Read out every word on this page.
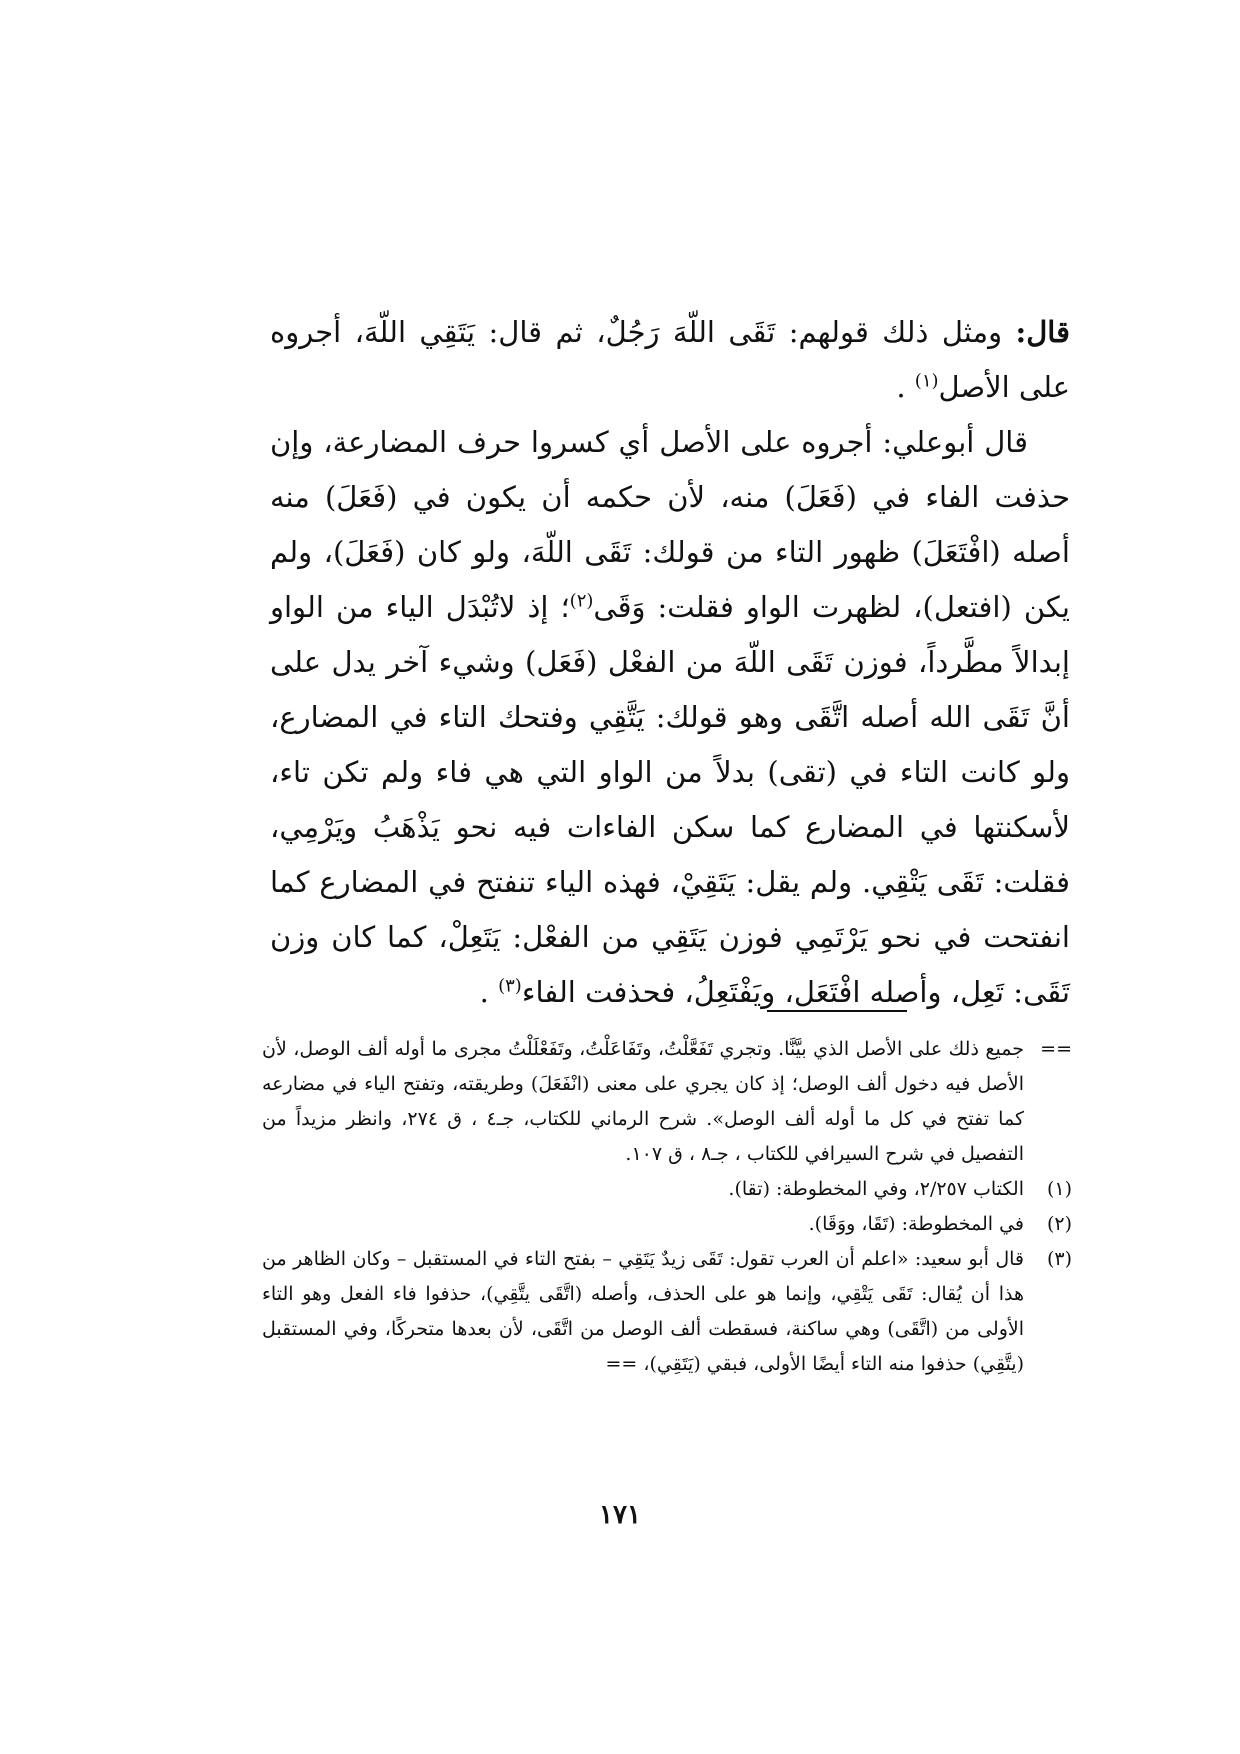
قال: ومثل ذلك قولهم: تَقَى اللّهَ رَجُلٌ، ثم قال: يَتَقِي اللّهَ، أجروه على الأصل$^{(١)}$ .

قال أبوعلي: أجروه على الأصل أي كسروا حرف المضارعة، وإن حذفت الفاء في (فَعَلَ) منه، لأن حكمه أن يكون في (فَعَلَ) منه أصله (افْتَعَلَ) ظهور التاء من قولك: تَقَى اللّهَ، ولو كان (فَعَلَ)، ولم يكن (افتعل)، لظهرت الواو فقلت: وَقَى$^{(٢)}$؛ إذ لاتُبْدَل الياء من الواو إبدالاً مطَّرداً، فوزن تَقَى اللّهَ من الفعْل (فَعَل) وشيء آخر يدل على أنَّ تَقَى الله أصله اتَّقَى وهو قولك: يَتَّقِي وفتحك التاء في المضارع، ولو كانت التاء في (تقى) بدلاً من الواو التي هي فاء ولم تكن تاء، لأسكنتها في المضارع كما سكن الفاءات فيه نحو يَذْهَبُ ويَرْمِي، فقلت: تَقَى يَتْقِي. ولم يقل: يَتَقِيْ، فهذه الياء تنفتح في المضارع كما انفتحت في نحو يَرْتَمِي فوزن يَتَقِي من الفعْل: يَتَعِلْ، كما كان وزن تَقَى: تَعِل، وأصله افْتَعَل، ويَفْتَعِلُ، فحذفت الفاء$^{(٣)}$ .

==
جميع ذلك على الأصل الذي بيَّنَّا. وتجري تَفَعَّلْتُ، وتَفَاعَلْتُ، وتَفَعْلَلْتُ مجرى ما أوله ألف الوصل، لأن الأصل فيه دخول ألف الوصل؛ إذ كان يجري على معنى (انْفَعَلَ) وطريقته، وتفتح الياء في مضارعه كما تفتح في كل ما أوله ألف الوصل». شرح الرماني للكتاب، جـ٤ ، ق ٢٧٤، وانظر مزيداً من التفصيل في شرح السيرافي للكتاب ، جـ٨ ، ق ١٠٧.
(١)
الكتاب ٢/٢٥٧، وفي المخطوطة: (تقا).
(٢)
في المخطوطة: (تَقَا، ووَقَا).
(٣)
قال أبو سعيد: «اعلم أن العرب تقول: تَقَى زيدٌ يَتَقِي – بفتح التاء في المستقبل – وكان الظاهر من هذا أن يُقال: تَقَى يَتْقِي، وإنما هو على الحذف، وأصله (اتَّقَى يتَّقِي)، حذفوا فاء الفعل وهو التاء الأولى من (اتَّقَى) وهي ساكنة، فسقطت ألف الوصل من اتَّقَى، لأن بعدها متحركًا، وفي المستقبل (يتَّقِي) حذفوا منه التاء أيضًا الأولى، فبقي (يَتَقِي)، ==
١٧١
